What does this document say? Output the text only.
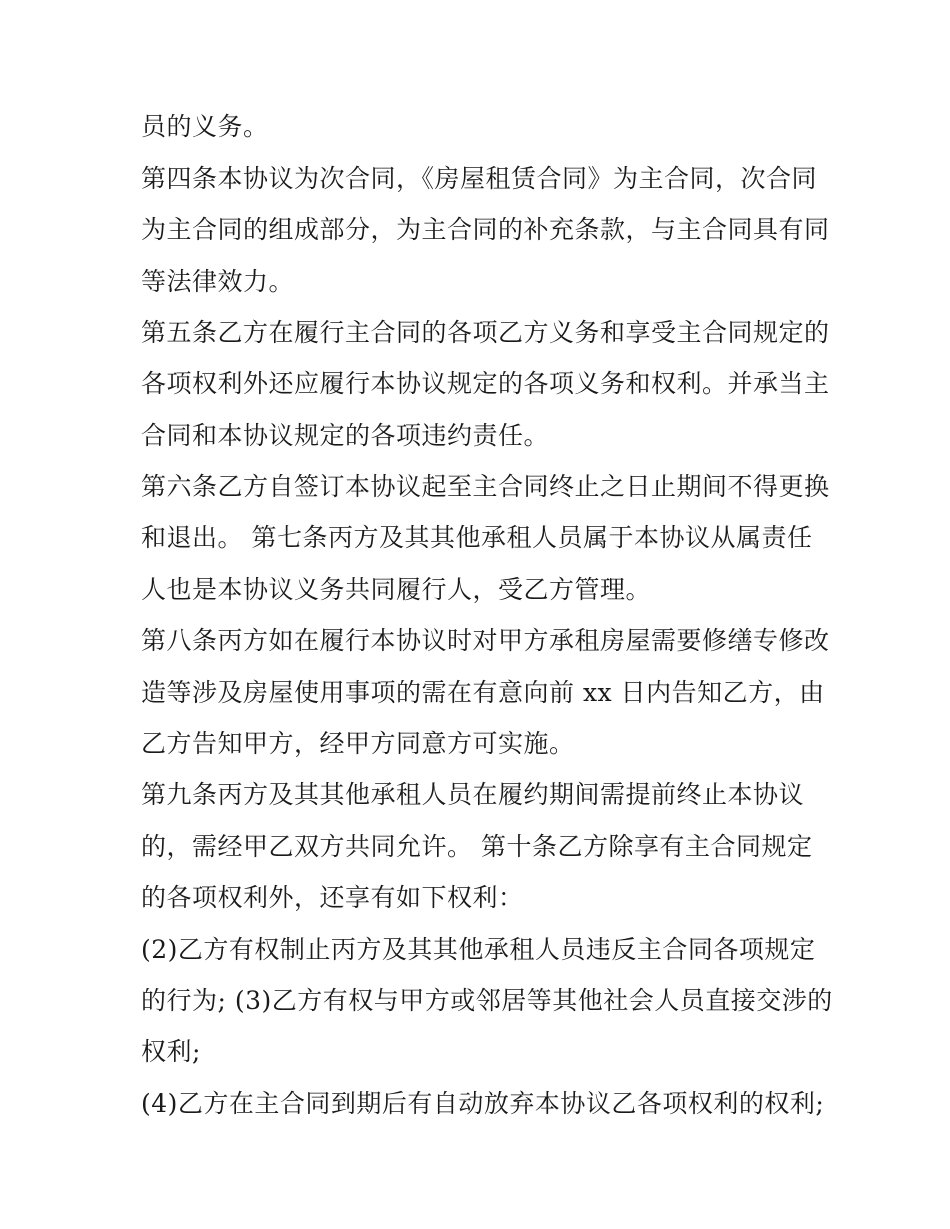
员的义务。
第四条本协议为次合同，《房屋租赁合同》为主合同，次合同
为主合同的组成部分，为主合同的补充条款，与主合同具有同
等法律效力。
第五条乙方在履行主合同的各项乙方义务和享受主合同规定的
各项权利外还应履行本协议规定的各项义务和权利。并承当主
合同和本协议规定的各项违约责任。
第六条乙方自签订本协议起至主合同终止之日止期间不得更换
和退出。 第七条丙方及其其他承租人员属于本协议从属责任
人也是本协议义务共同履行人，受乙方管理。
第八条丙方如在履行本协议时对甲方承租房屋需要修缮专修改
造等涉及房屋使用事项的需在有意向前 xx 日内告知乙方，由
乙方告知甲方，经甲方同意方可实施。
第九条丙方及其其他承租人员在履约期间需提前终止本协议
的，需经甲乙双方共同允许。 第十条乙方除享有主合同规定
的各项权利外，还享有如下权利：
(2)乙方有权制止丙方及其其他承租人员违反主合同各项规定
的行为; (3)乙方有权与甲方或邻居等其他社会人员直接交涉的
权利;
(4)乙方在主合同到期后有自动放弃本协议乙各项权利的权利;
